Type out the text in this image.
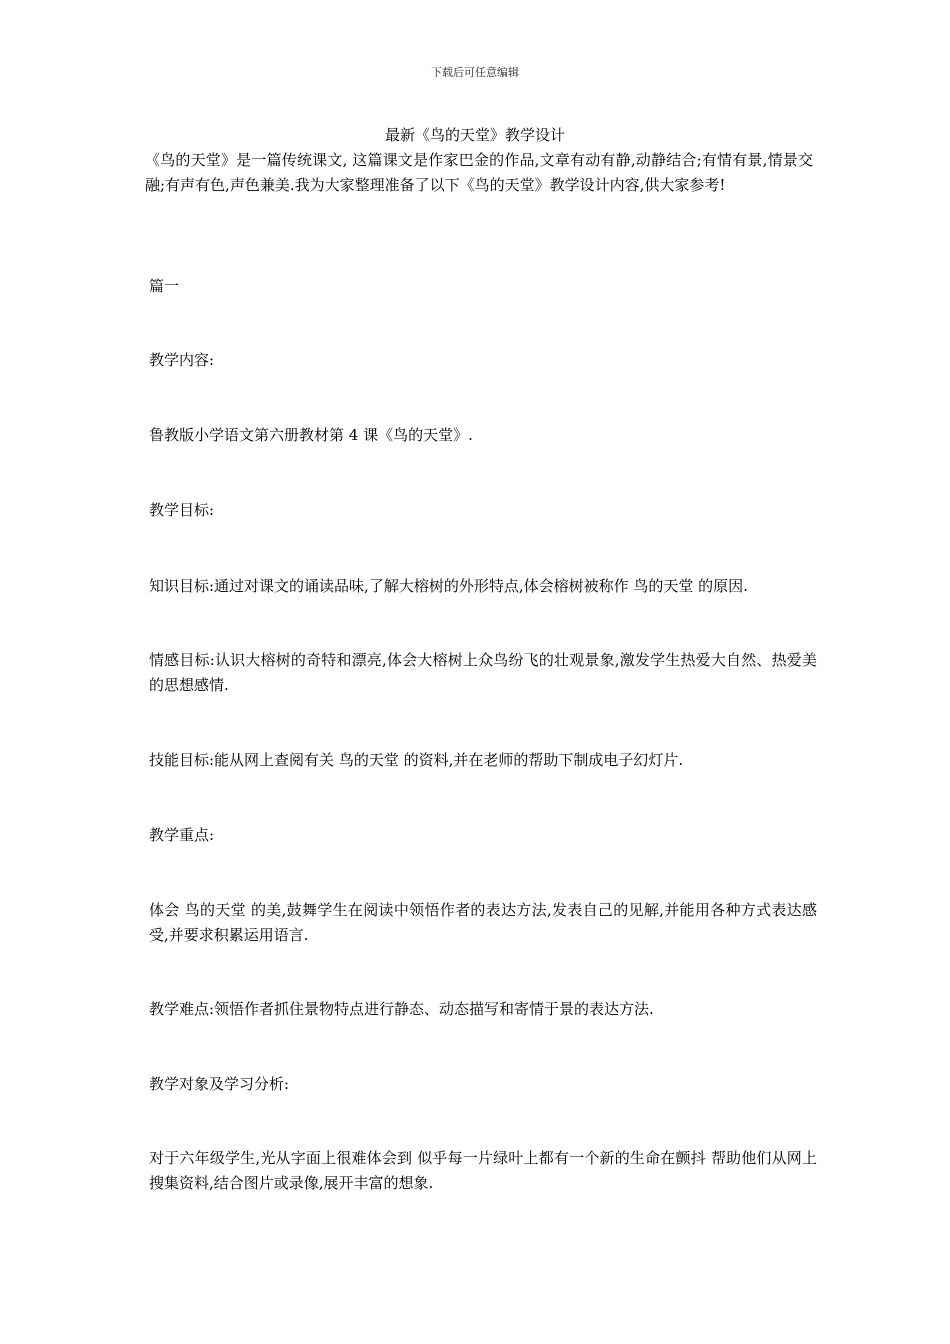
下载后可任意编辑
最新《鸟的天堂》教学设计

《鸟的天堂》是一篇传统课文, 这篇课文是作家巴金的作品,文章有动有静,动静结合;有情有景,情景交融;有声有色,声色兼美.我为大家整理准备了以下《鸟的天堂》教学设计内容,供大家参考!

篇一

教学内容:

鲁教版小学语文第六册教材第 4 课《鸟的天堂》.

教学目标:

知识目标:通过对课文的诵读品味,了解大榕树的外形特点,体会榕树被称作 鸟的天堂 的原因.

情感目标:认识大榕树的奇特和漂亮,体会大榕树上众鸟纷飞的壮观景象,激发学生热爱大自然、热爱美的思想感情.

技能目标:能从网上查阅有关 鸟的天堂 的资料,并在老师的帮助下制成电子幻灯片.

教学重点:

体会 鸟的天堂 的美,鼓舞学生在阅读中领悟作者的表达方法,发表自己的见解,并能用各种方式表达感受,并要求积累运用语言.

教学难点:领悟作者抓住景物特点进行静态、动态描写和寄情于景的表达方法.

教学对象及学习分析:

对于六年级学生,光从字面上很难体会到 似乎每一片绿叶上都有一个新的生命在颤抖 帮助他们从网上搜集资料,结合图片或录像,展开丰富的想象.
